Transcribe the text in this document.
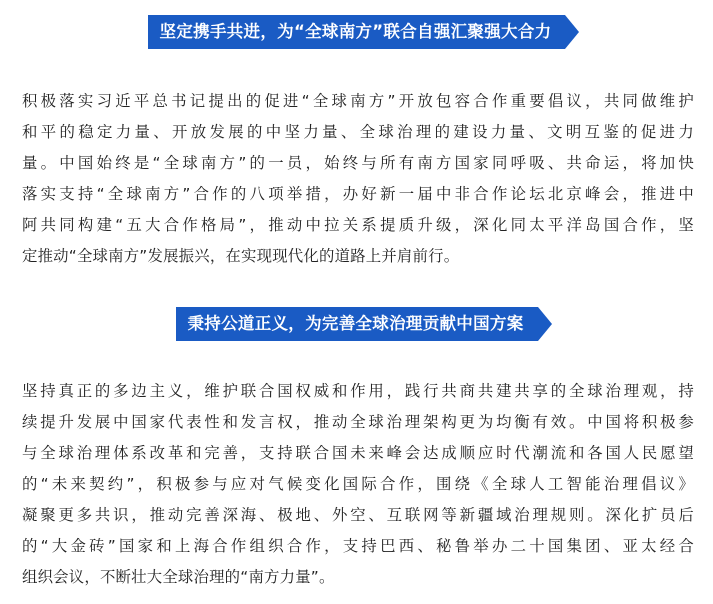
坚定携手共进，为“全球南方”联合自强汇聚强大合力
积极落实习近平总书记提出的促进“全球南方”开放包容合作重要倡议，共同做维护
和平的稳定力量、开放发展的中坚力量、全球治理的建设力量、文明互鉴的促进力
量。中国始终是“全球南方”的一员，始终与所有南方国家同呼吸、共命运，将加快
落实支持“全球南方”合作的八项举措，办好新一届中非合作论坛北京峰会，推进中
阿共同构建“五大合作格局”，推动中拉关系提质升级，深化同太平洋岛国合作，坚
定推动“全球南方”发展振兴，在实现现代化的道路上并肩前行。
秉持公道正义，为完善全球治理贡献中国方案
坚持真正的多边主义，维护联合国权威和作用，践行共商共建共享的全球治理观，持
续提升发展中国家代表性和发言权，推动全球治理架构更为均衡有效。中国将积极参
与全球治理体系改革和完善，支持联合国未来峰会达成顺应时代潮流和各国人民愿望
的“未来契约”，积极参与应对气候变化国际合作，围绕《全球人工智能治理倡议》
凝聚更多共识，推动完善深海、极地、外空、互联网等新疆域治理规则。深化扩员后
的“大金砖”国家和上海合作组织合作，支持巴西、秘鲁举办二十国集团、亚太经合
组织会议，不断壮大全球治理的“南方力量”。
